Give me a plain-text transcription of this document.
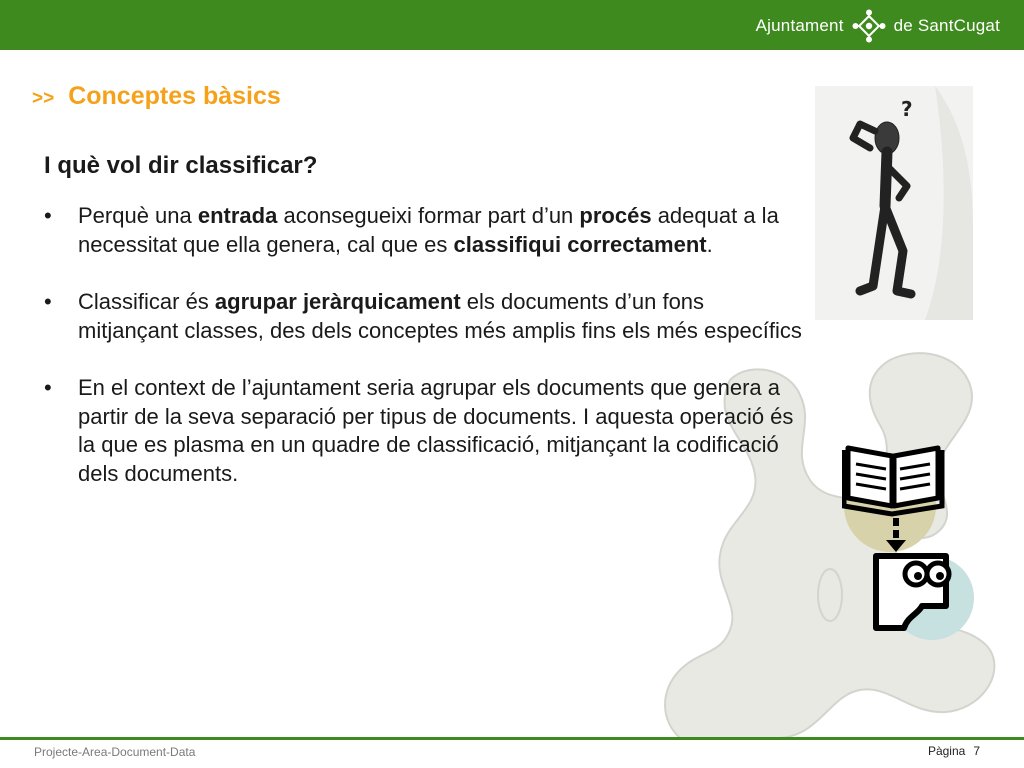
Ajuntament	de SantCugat
>> Conceptes bàsics

I què vol dir classificar?

• Perquè una entrada aconsegueixi formar part d’un procés adequat a la necessitat que ella genera, cal que es classifiqui correctament.
• Classificar és agrupar jeràrquicament els documents d’un fons mitjançant classes, des dels conceptes més amplis fins els més específics
• En el context de l’ajuntament seria agrupar els documents que genera a partir de la seva separació per tipus de documents. I aquesta operació és la que es plasma en un quadre de classificació, mitjançant la codificació dels documents.
?
Projecte-Area-Document-Data	Pàgina 7
